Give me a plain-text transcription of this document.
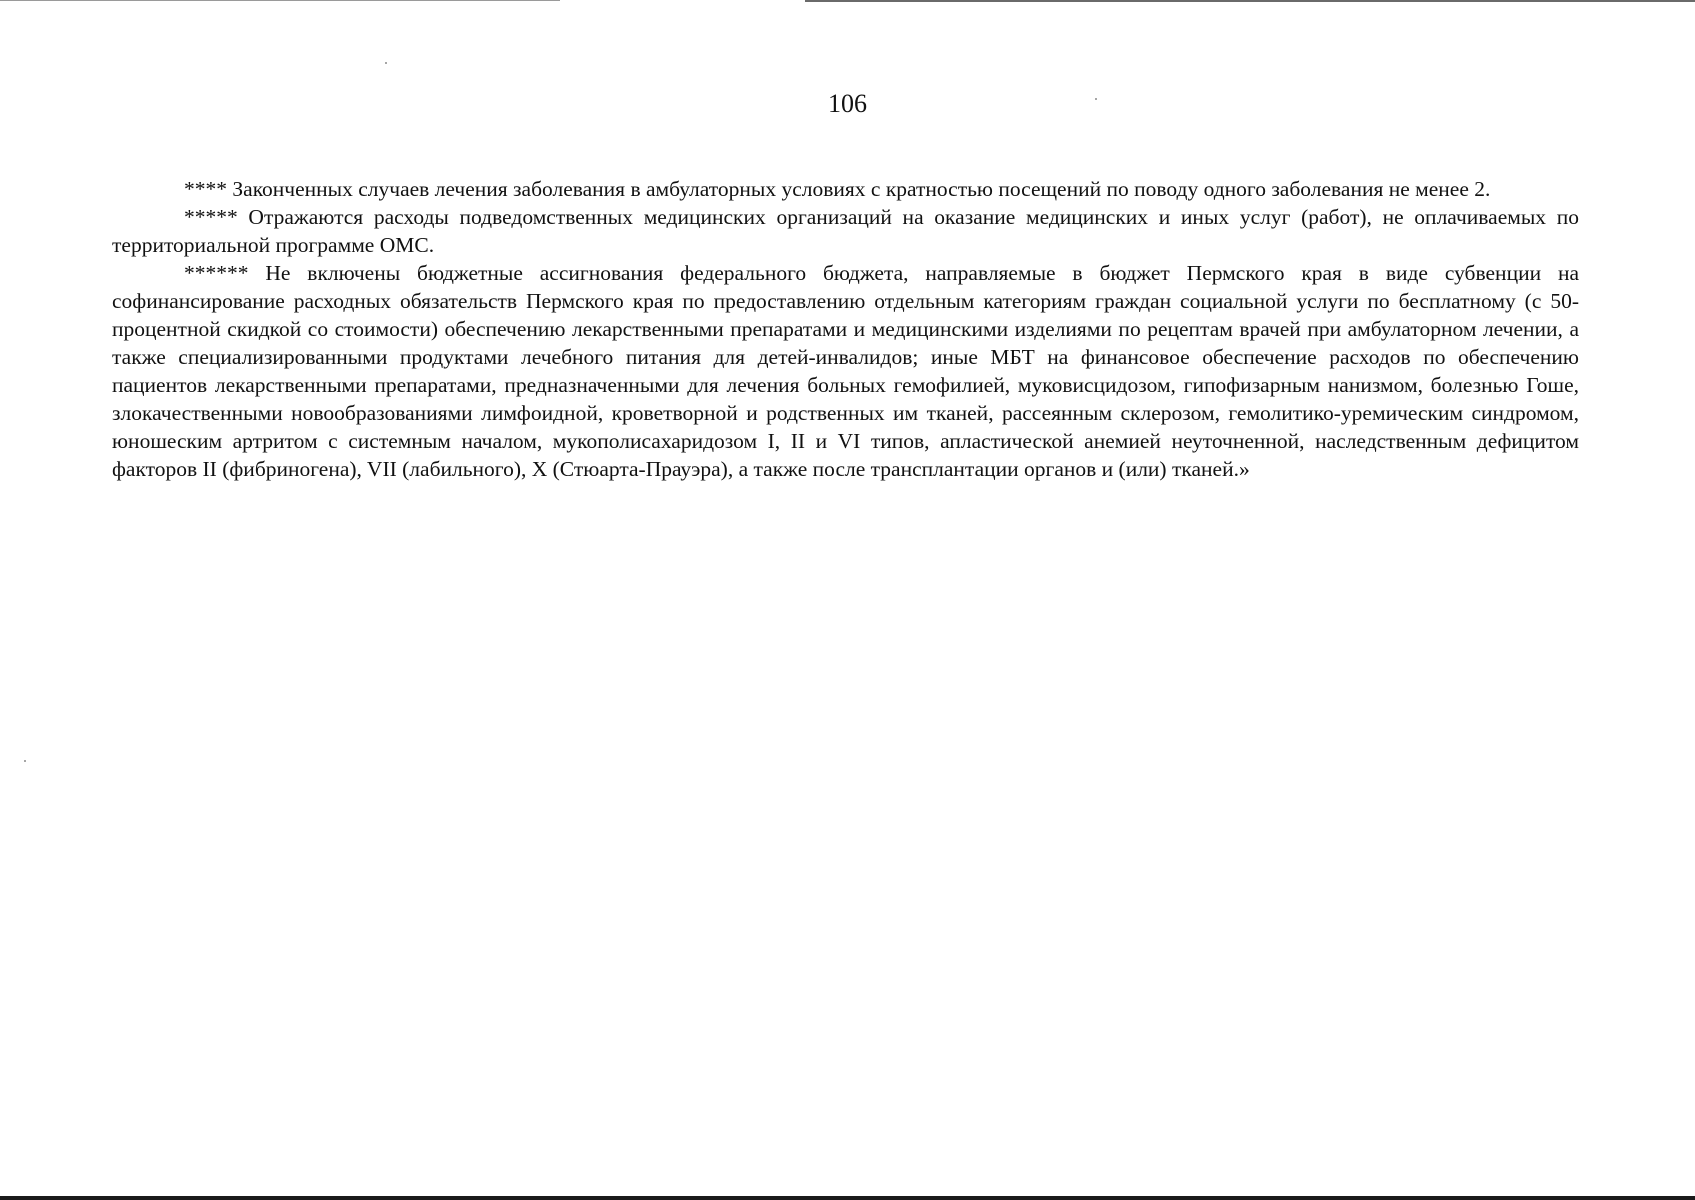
106

**** Законченных случаев лечения заболевания в амбулаторных условиях с кратностью посещений по поводу одного заболевания не менее 2.

***** Отражаются расходы подведомственных медицинских организаций на оказание медицинских и иных услуг (работ), не оплачиваемых по территориальной программе ОМС.

****** Не включены бюджетные ассигнования федерального бюджета, направляемые в бюджет Пермского края в виде субвенции на софинансирование расходных обязательств Пермского края по предоставлению отдельным категориям граждан социальной услуги по бесплатному (с 50-процентной скидкой со стоимости) обеспечению лекарственными препаратами и медицинскими изделиями по рецептам врачей при амбулаторном лечении, а также специализированными продуктами лечебного питания для детей-инвалидов; иные МБТ на финансовое обеспечение расходов по обеспечению пациентов лекарственными препаратами, предназначенными для лечения больных гемофилией, муковисцидозом, гипофизарным нанизмом, болезнью Гоше, злокачественными новообразованиями лимфоидной, кроветворной и родственных им тканей, рассеянным склерозом, гемолитико-уремическим синдромом, юношеским артритом с системным началом, мукополисахаридозом I, II и VI типов, апластической анемией неуточненной, наследственным дефицитом факторов II (фибриногена), VII (лабильного), X (Стюарта-Прауэра), а также после трансплантации органов и (или) тканей.»
